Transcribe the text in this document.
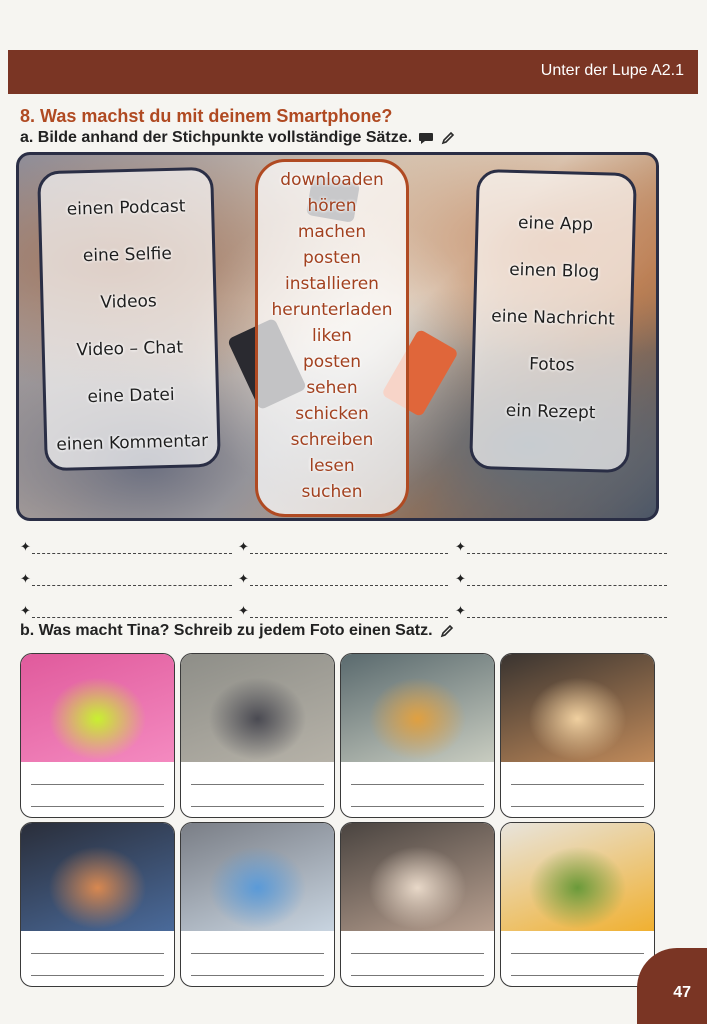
Unter der Lupe A2.1
8. Was machst du mit deinem Smartphone?
a. Bilde anhand der Stichpunkte vollständige Sätze.
einen Podcast
eine Selfie
Videos
Video – Chat
eine Datei
einen Kommentar
downloaden
hören
machen
posten
installieren
herunterladen
liken
posten
sehen
schicken
schreiben
lesen
suchen
eine App
einen Blog
eine Nachricht
Fotos
ein Rezept
✦	✦	✦
✦	✦	✦
✦	✦	✦
b. Was macht Tina? Schreib zu jedem Foto einen Satz.
47
